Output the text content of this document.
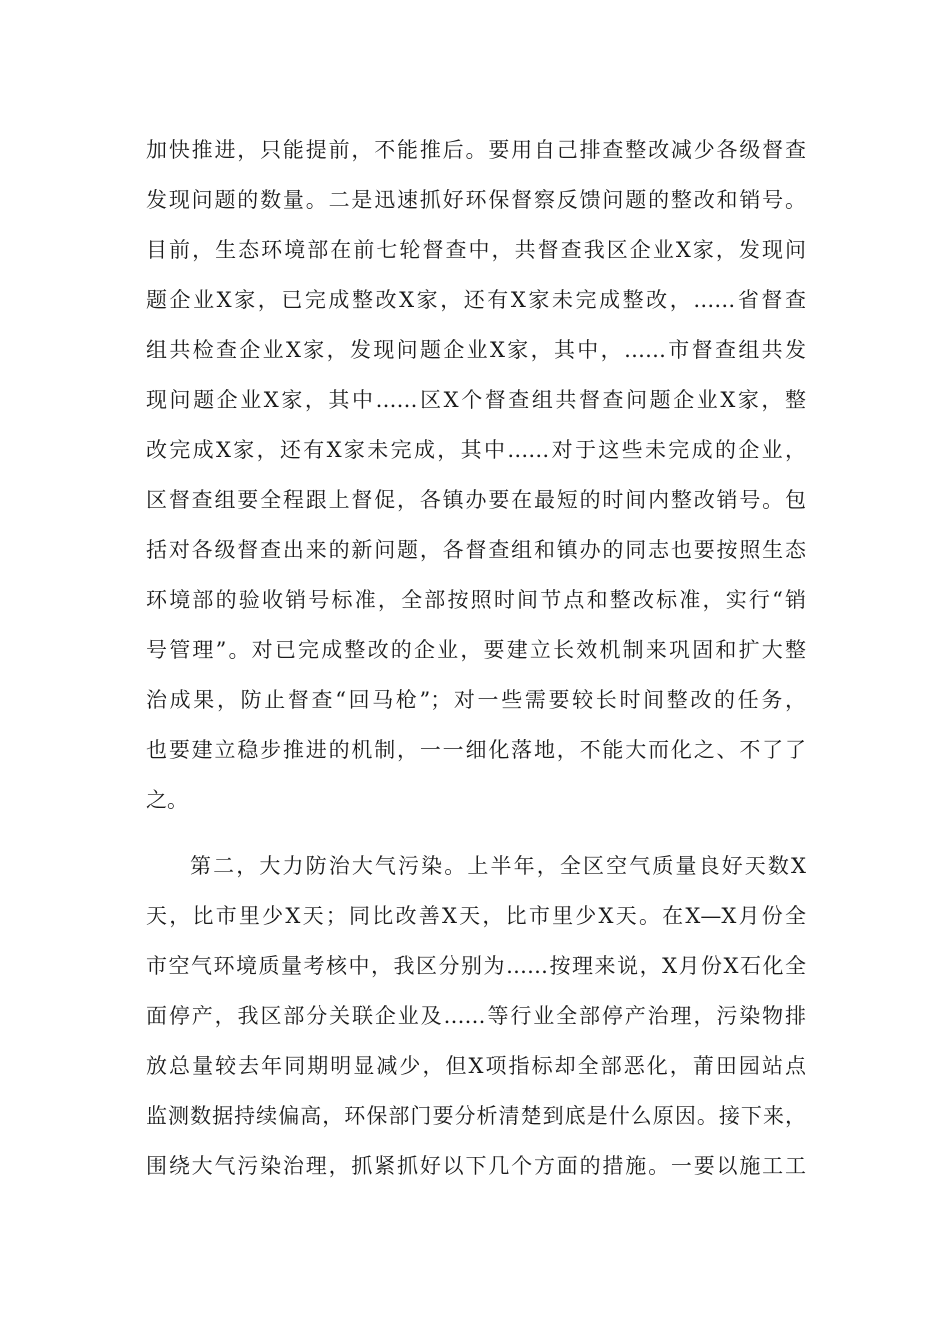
加快推进，只能提前，不能推后。要用自己排查整改减少各级督查
发现问题的数量。二是迅速抓好环保督察反馈问题的整改和销号。
目前，生态环境部在前七轮督查中，共督查我区企业X家，发现问
题企业X家，已完成整改X家，还有X家未完成整改，……省督查
组共检查企业X家，发现问题企业X家，其中，……市督查组共发
现问题企业X家，其中……区X个督查组共督查问题企业X家，整
改完成X家，还有X家未完成，其中……对于这些未完成的企业，
区督查组要全程跟上督促，各镇办要在最短的时间内整改销号。包
括对各级督查出来的新问题，各督查组和镇办的同志也要按照生态
环境部的验收销号标准，全部按照时间节点和整改标准，实行“销
号管理”。对已完成整改的企业，要建立长效机制来巩固和扩大整
治成果，防止督查“回马枪”；对一些需要较长时间整改的任务，
也要建立稳步推进的机制，一一细化落地，不能大而化之、不了了
之。
第二，大力防治大气污染。上半年，全区空气质量良好天数X
天，比市里少X天；同比改善X天，比市里少X天。在X—X月份全
市空气环境质量考核中，我区分别为……按理来说，X月份X石化全
面停产，我区部分关联企业及……等行业全部停产治理，污染物排
放总量较去年同期明显减少，但X项指标却全部恶化，莆田园站点
监测数据持续偏高，环保部门要分析清楚到底是什么原因。接下来，
围绕大气污染治理，抓紧抓好以下几个方面的措施。一要以施工工
